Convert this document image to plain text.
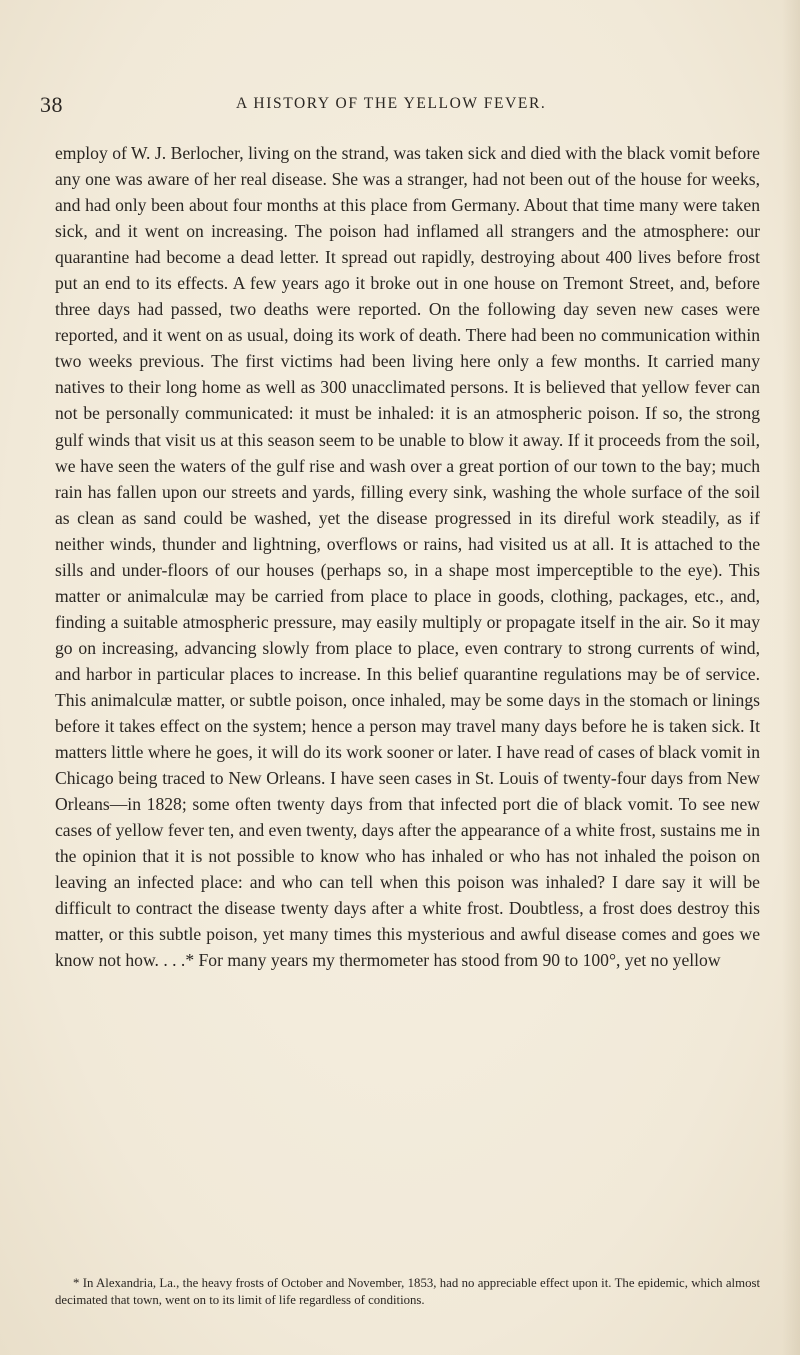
38	A HISTORY OF THE YELLOW FEVER.

employ of W. J. Berlocher, living on the strand, was taken sick and died with the black vomit before any one was aware of her real disease. She was a stranger, had not been out of the house for weeks, and had only been about four months at this place from Germany. About that time many were taken sick, and it went on increasing. The poison had inflamed all strangers and the atmosphere: our quarantine had become a dead letter. It spread out rapidly, destroying about 400 lives before frost put an end to its effects. A few years ago it broke out in one house on Tremont Street, and, before three days had passed, two deaths were reported. On the following day seven new cases were reported, and it went on as usual, doing its work of death. There had been no communication within two weeks previous. The first victims had been living here only a few months. It carried many natives to their long home as well as 300 unacclimated persons. It is believed that yellow fever can not be personally communicated: it must be inhaled: it is an atmospheric poison. If so, the strong gulf winds that visit us at this season seem to be unable to blow it away. If it proceeds from the soil, we have seen the waters of the gulf rise and wash over a great portion of our town to the bay; much rain has fallen upon our streets and yards, filling every sink, washing the whole surface of the soil as clean as sand could be washed, yet the disease progressed in its direful work steadily, as if neither winds, thunder and lightning, overflows or rains, had visited us at all. It is attached to the sills and under-floors of our houses (perhaps so, in a shape most imperceptible to the eye). This matter or animalculæ may be carried from place to place in goods, clothing, packages, etc., and, finding a suitable atmospheric pressure, may easily multiply or propagate itself in the air. So it may go on increasing, advancing slowly from place to place, even contrary to strong currents of wind, and harbor in particular places to increase. In this belief quarantine regulations may be of service. This animalculæ matter, or subtle poison, once inhaled, may be some days in the stomach or linings before it takes effect on the system; hence a person may travel many days before he is taken sick. It matters little where he goes, it will do its work sooner or later. I have read of cases of black vomit in Chicago being traced to New Orleans. I have seen cases in St. Louis of twenty-four days from New Orleans—in 1828; some often twenty days from that infected port die of black vomit. To see new cases of yellow fever ten, and even twenty, days after the appearance of a white frost, sustains me in the opinion that it is not possible to know who has inhaled or who has not inhaled the poison on leaving an infected place: and who can tell when this poison was inhaled? I dare say it will be difficult to contract the disease twenty days after a white frost. Doubtless, a frost does destroy this matter, or this subtle poison, yet many times this mysterious and awful disease comes and goes we know not how. . . .* For many years my thermometer has stood from 90 to 100°, yet no yellow

* In Alexandria, La., the heavy frosts of October and November, 1853, had no appreciable effect upon it. The epidemic, which almost decimated that town, went on to its limit of life regardless of conditions.
